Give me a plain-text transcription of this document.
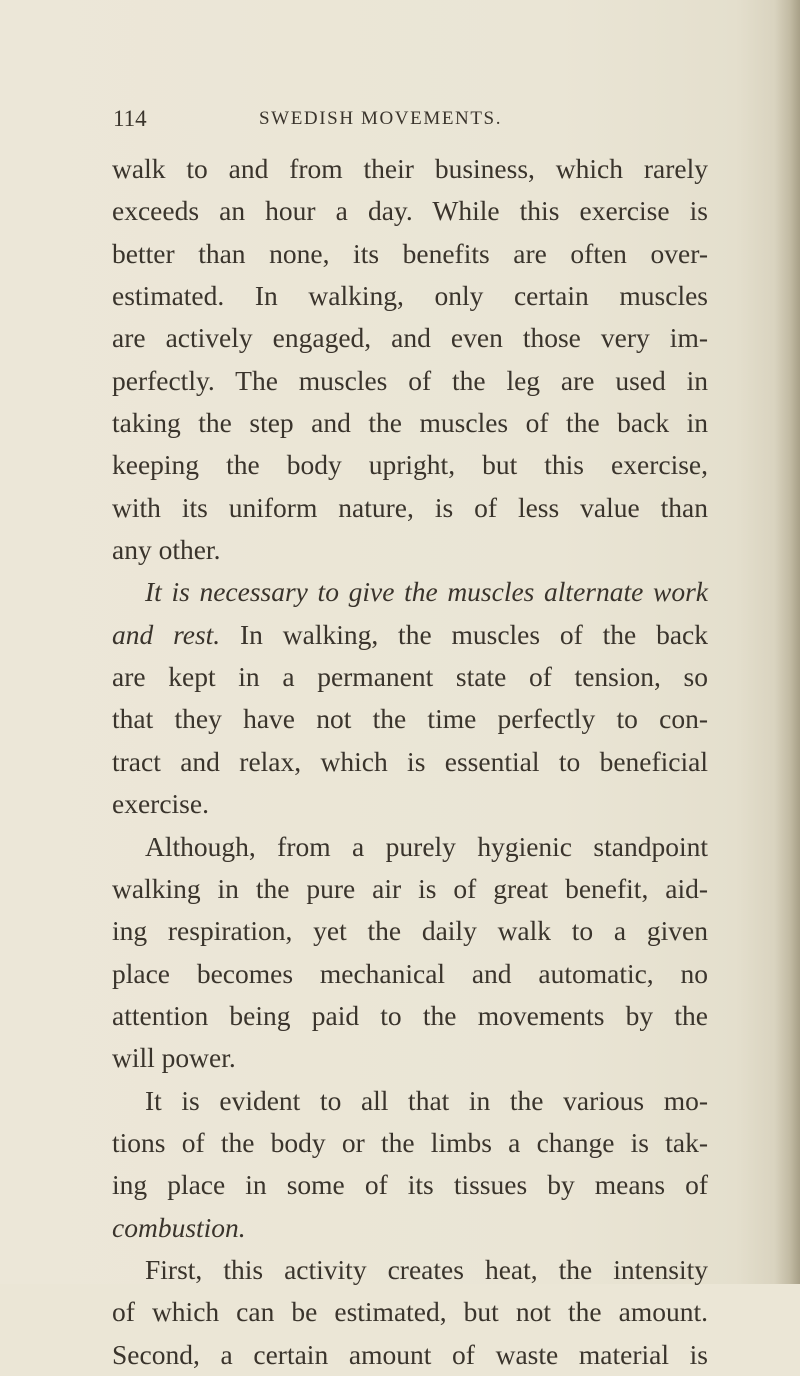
114	SWEDISH MOVEMENTS.
walk to and from their business, which rarely
exceeds an hour a day. While this exercise is
better than none, its benefits are often over-
estimated. In walking, only certain muscles
are actively engaged, and even those very im-
perfectly. The muscles of the leg are used in
taking the step and the muscles of the back in
keeping the body upright, but this exercise,
with its uniform nature, is of less value than
any other.
It is necessary to give the muscles alternate work
and rest. In walking, the muscles of the back
are kept in a permanent state of tension, so
that they have not the time perfectly to con-
tract and relax, which is essential to beneficial
exercise.
Although, from a purely hygienic standpoint
walking in the pure air is of great benefit, aid-
ing respiration, yet the daily walk to a given
place becomes mechanical and automatic, no
attention being paid to the movements by the
will power.
It is evident to all that in the various mo-
tions of the body or the limbs a change is tak-
ing place in some of its tissues by means of
combustion.
First, this activity creates heat, the intensity
of which can be estimated, but not the amount.
Second, a certain amount of waste material is
